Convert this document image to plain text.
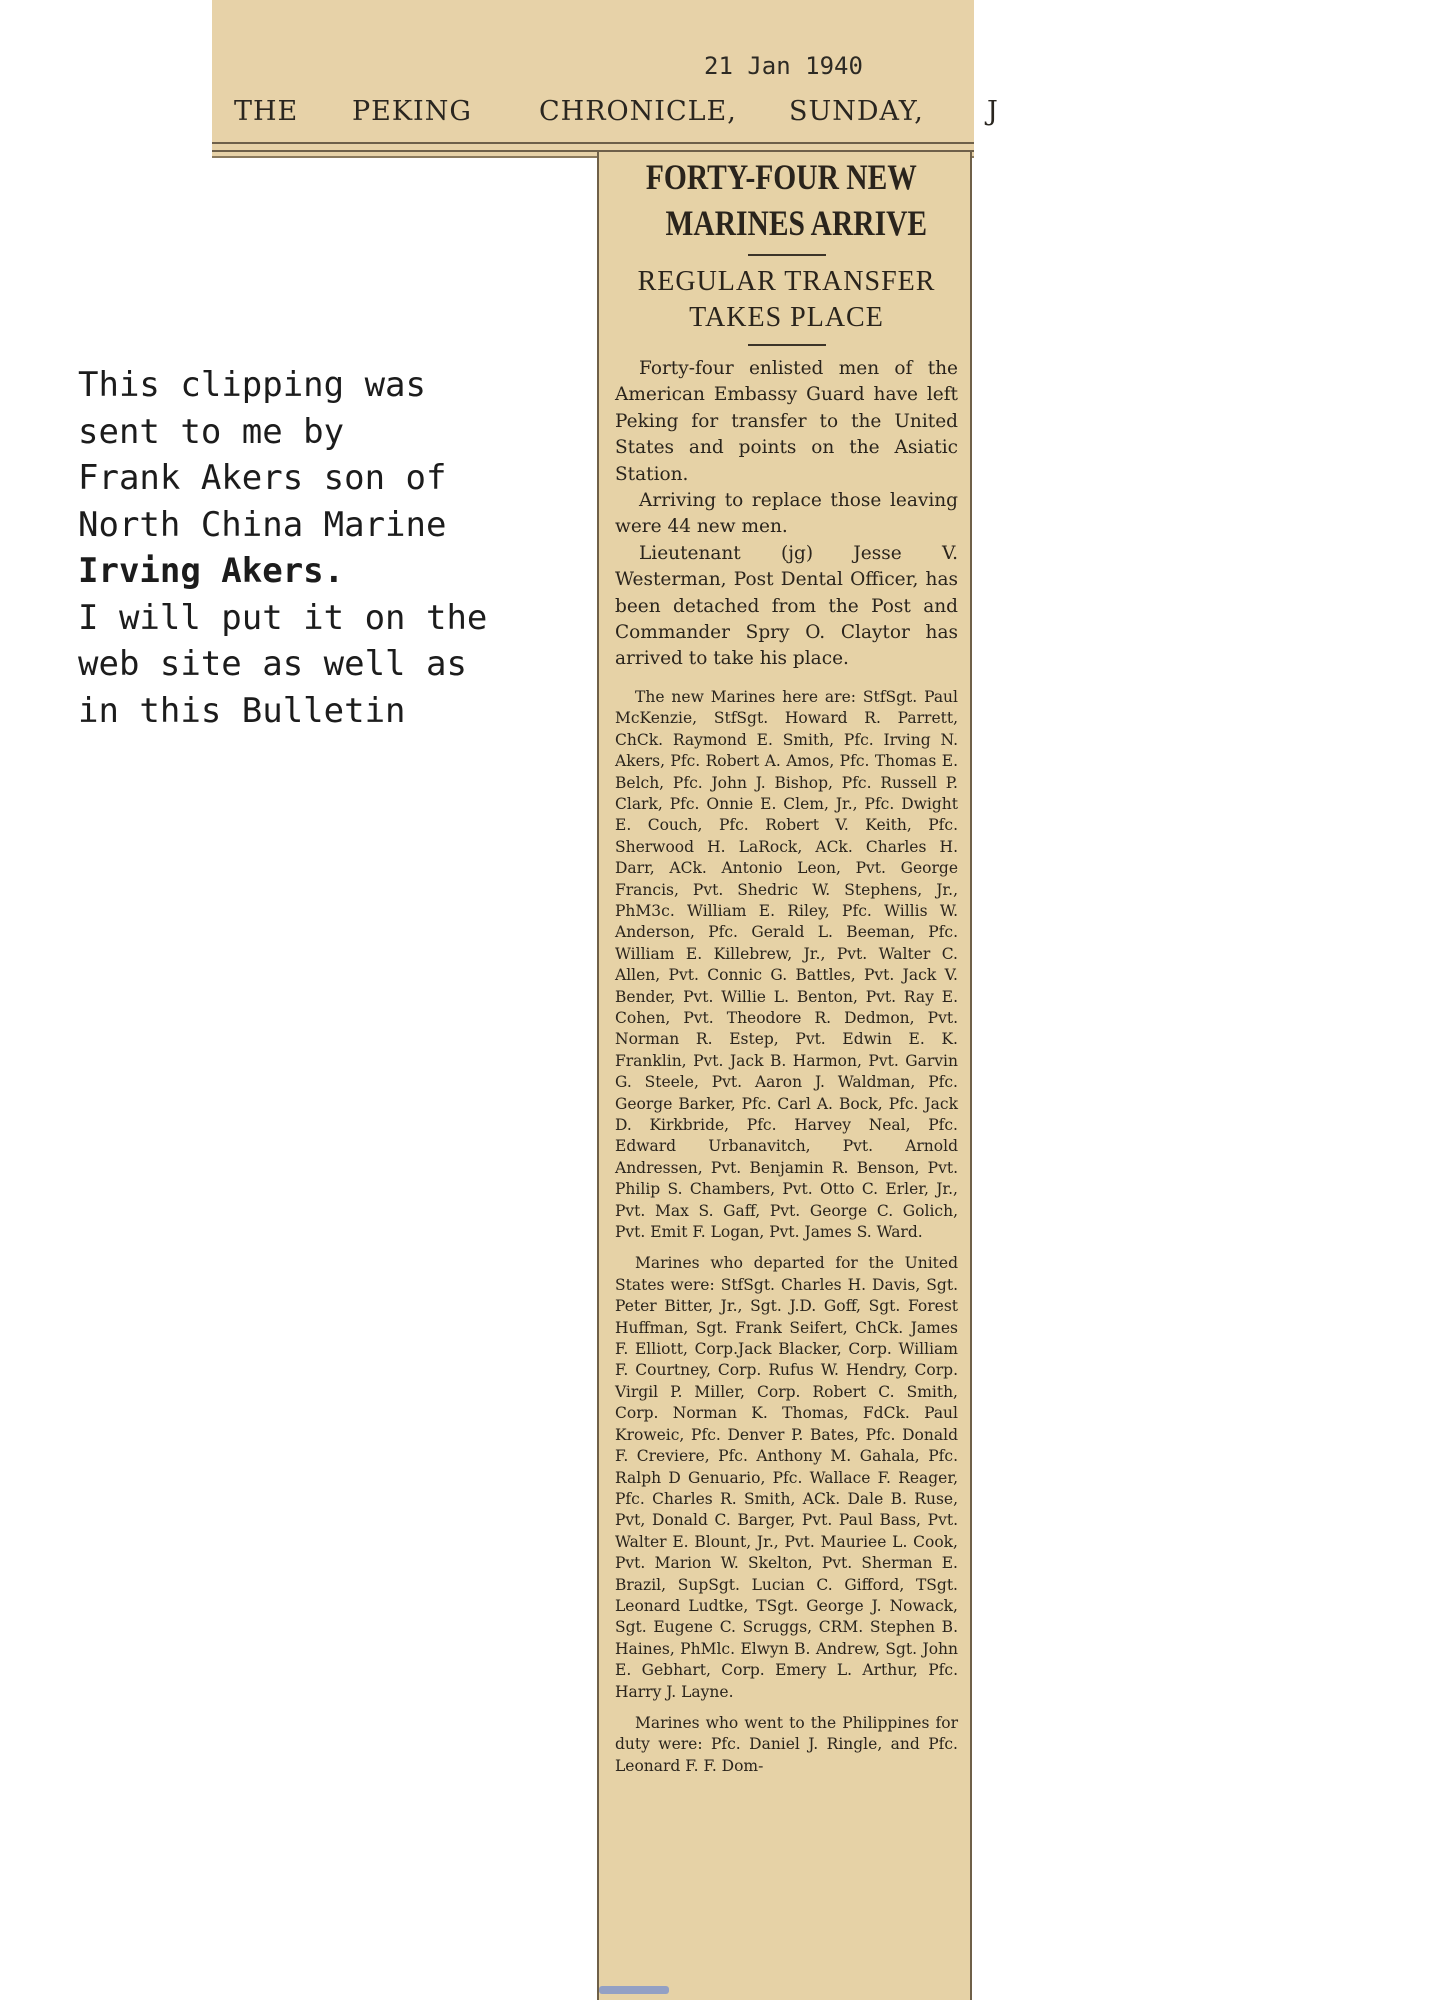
21 Jan 1940
THE PEKING CHRONICLE, SUNDAY, J
This clipping was
sent to me by
Frank Akers son of
North China Marine
Irving Akers.
I will put it on the
web site as well as
in this Bulletin
FORTY-FOUR NEW
MARINES ARRIVE
REGULAR TRANSFER
TAKES PLACE

Forty-four enlisted men of the American Embassy Guard have left Peking for transfer to the United States and points on the Asiatic Station.

Arriving to replace those leaving were 44 new men.

Lieutenant (jg) Jesse V. Westerman, Post Dental Officer, has been detached from the Post and Commander Spry O. Claytor has arrived to take his place.

The new Marines here are: StfSgt. Paul McKenzie, StfSgt. Howard R. Parrett, ChCk. Raymond E. Smith, Pfc. Irving N. Akers, Pfc. Robert A. Amos, Pfc. Thomas E. Belch, Pfc. John J. Bishop, Pfc. Russell P. Clark, Pfc. Onnie E. Clem, Jr., Pfc. Dwight E. Couch, Pfc. Robert V. Keith, Pfc. Sherwood H. LaRock, ACk. Charles H. Darr, ACk. Antonio Leon, Pvt. George Francis, Pvt. Shedric W. Stephens, Jr., PhM3c. William E. Riley, Pfc. Willis W. Anderson, Pfc. Gerald L. Beeman, Pfc. William E. Killebrew, Jr., Pvt. Walter C. Allen, Pvt. Connic G. Battles, Pvt. Jack V. Bender, Pvt. Willie L. Benton, Pvt. Ray E. Cohen, Pvt. Theodore R. Dedmon, Pvt. Norman R. Estep, Pvt. Edwin E. K. Franklin, Pvt. Jack B. Harmon, Pvt. Garvin G. Steele, Pvt. Aaron J. Waldman, Pfc. George Barker, Pfc. Carl A. Bock, Pfc. Jack D. Kirkbride, Pfc. Harvey Neal, Pfc. Edward Urbanavitch, Pvt. Arnold Andressen, Pvt. Benjamin R. Benson, Pvt. Philip S. Chambers, Pvt. Otto C. Erler, Jr., Pvt. Max S. Gaff, Pvt. George C. Golich, Pvt. Emit F. Logan, Pvt. James S. Ward.

Marines who departed for the United States were: StfSgt. Charles H. Davis, Sgt. Peter Bitter, Jr., Sgt. J.D. Goff, Sgt. Forest Huffman, Sgt. Frank Seifert, ChCk. James F. Elliott, Corp.Jack Blacker, Corp. William F. Courtney, Corp. Rufus W. Hendry, Corp. Virgil P. Miller, Corp. Robert C. Smith, Corp. Norman K. Thomas, FdCk. Paul Kroweic, Pfc. Denver P. Bates, Pfc. Donald F. Creviere, Pfc. Anthony M. Gahala, Pfc. Ralph D Genuario, Pfc. Wallace F. Reager, Pfc. Charles R. Smith, ACk. Dale B. Ruse, Pvt, Donald C. Barger, Pvt. Paul Bass, Pvt. Walter E. Blount, Jr., Pvt. Mauriee L. Cook, Pvt. Marion W. Skelton, Pvt. Sherman E. Brazil, SupSgt. Lucian C. Gifford, TSgt. Leonard Ludtke, TSgt. George J. Nowack, Sgt. Eugene C. Scruggs, CRM. Stephen B. Haines, PhMlc. Elwyn B. Andrew, Sgt. John E. Gebhart, Corp. Emery L. Arthur, Pfc. Harry J. Layne.

Marines who went to the Philippines for duty were: Pfc. Daniel J. Ringle, and Pfc. Leonard F. F. Dom-
